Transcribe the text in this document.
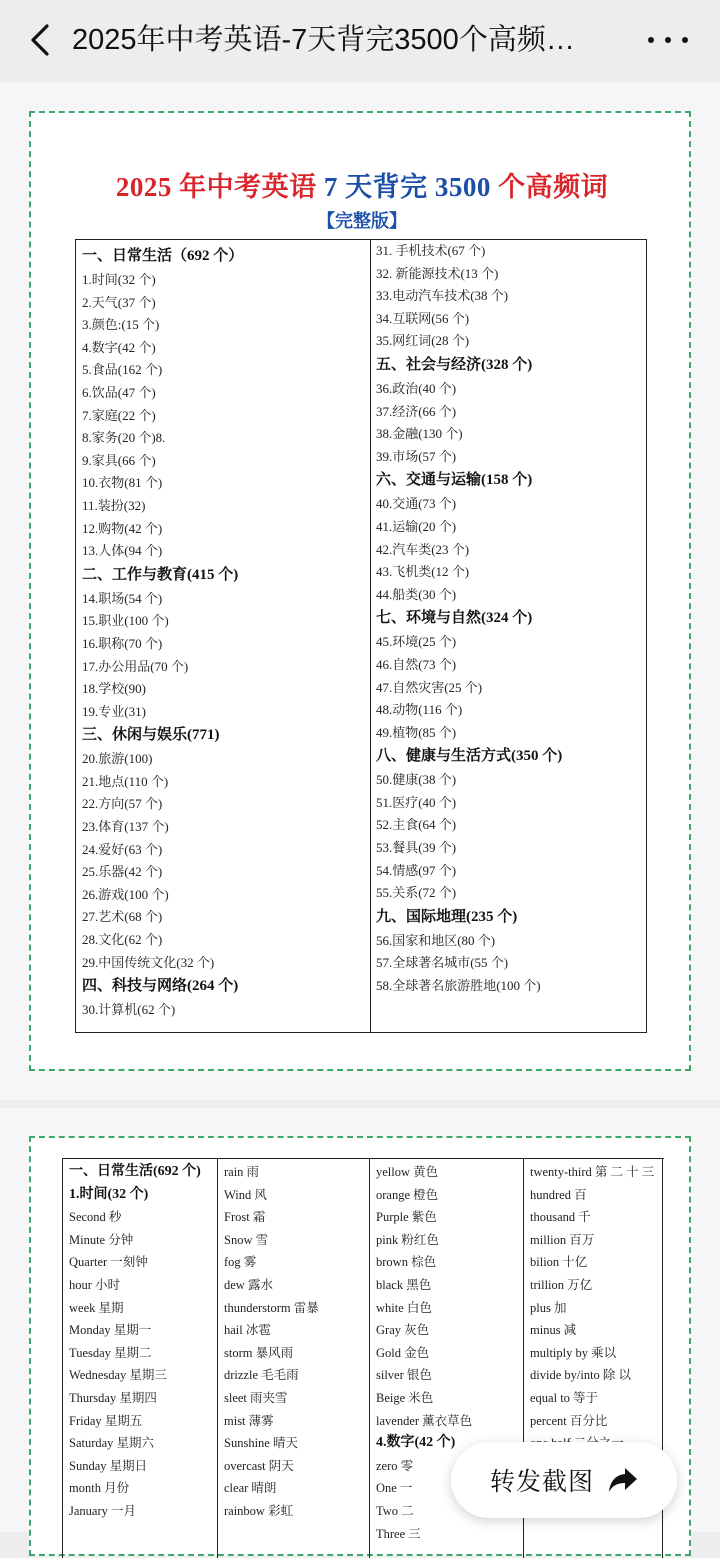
2025年中考英语-7天背完3500个高频…
2025 年中考英语 7 天背完 3500 个高频词
【完整版】
一、日常生活（692 个）
1.时间(32 个)
2.天气(37 个)
3.颜色:(15 个)
4.数字(42 个)
5.食品(162 个)
6.饮品(47 个)
7.家庭(22 个)
8.家务(20 个)8.
9.家具(66 个)
10.衣物(81 个)
11.装扮(32)
12.购物(42 个)
13.人体(94 个)
二、工作与教育(415 个)
14.职场(54 个)
15.职业(100 个)
16.职称(70 个)
17.办公用品(70 个)
18.学校(90)
19.专业(31)
三、休闲与娱乐(771)
20.旅游(100)
21.地点(110 个)
22.方向(57 个)
23.体育(137 个)
24.爱好(63 个)
25.乐器(42 个)
26.游戏(100 个)
27.艺术(68 个)
28.文化(62 个)
29.中国传统文化(32 个)
四、科技与网络(264 个)
30.计算机(62 个)
31. 手机技术(67 个)
32. 新能源技术(13 个)
33.电动汽车技术(38 个)
34.互联网(56 个)
35.网红词(28 个)
五、社会与经济(328 个)
36.政治(40 个)
37.经济(66 个)
38.金融(130 个)
39.市场(57 个)
六、交通与运输(158 个)
40.交通(73 个)
41.运输(20 个)
42.汽车类(23 个)
43.飞机类(12 个)
44.船类(30 个)
七、环境与自然(324 个)
45.环境(25 个)
46.自然(73 个)
47.自然灾害(25 个)
48.动物(116 个)
49.植物(85 个)
八、健康与生活方式(350 个)
50.健康(38 个)
51.医疗(40 个)
52.主食(64 个)
53.餐具(39 个)
54.情感(97 个)
55.关系(72 个)
九、国际地理(235 个)
56.国家和地区(80 个)
57.全球著名城市(55 个)
58.全球著名旅游胜地(100 个)
一、日常生活(692 个)
1.时间(32 个)
Second 秒
Minute 分钟
Quarter 一刻钟
hour 小时
week 星期
Monday 星期一
Tuesday 星期二
Wednesday 星期三
Thursday 星期四
Friday 星期五
Saturday 星期六
Sunday 星期日
month 月份
January 一月
rain 雨
Wind 风
Frost 霜
Snow 雪
fog 雾
dew 露水
thunderstorm 雷暴
hail 冰雹
storm 暴风雨
drizzle 毛毛雨
sleet 雨夹雪
mist 薄雾
Sunshine 晴天
overcast 阴天
clear 晴朗
rainbow 彩虹
yellow 黄色
orange 橙色
Purple 紫色
pink 粉红色
brown 棕色
black 黑色
white 白色
Gray 灰色
Gold 金色
silver 银色
Beige 米色
lavender 薰衣草色
4.数字(42 个)
zero 零
One 一
Two 二
Three 三
twenty-third 第 二 十 三
hundred 百
thousand 千
million 百万
bilion 十亿
trillion 万亿
plus 加
minus 减
multiply by 乘以
divide by/into 除 以
equal to 等于
percent 百分比
转发截图
